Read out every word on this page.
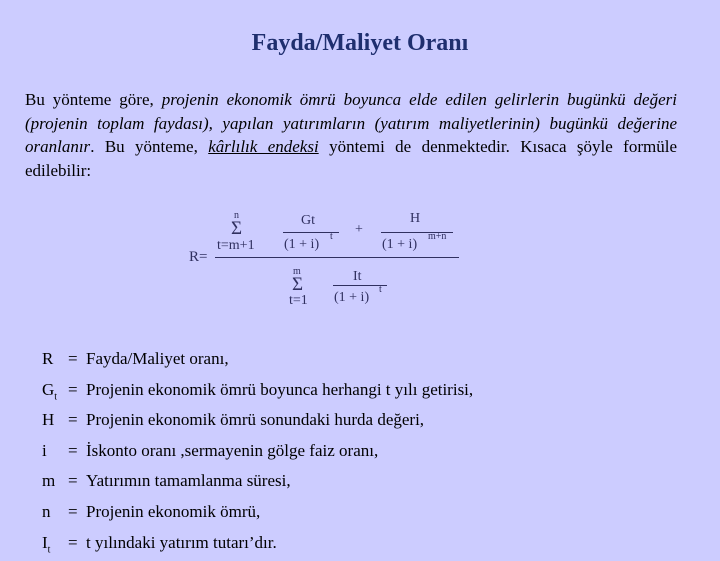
Fayda/Maliyet Oranı
Bu yönteme göre, projenin ekonomik ömrü boyunca elde edilen gelirlerin bugünkü değeri (projenin toplam faydası), yapılan yatırımların (yatırım maliyetlerinin) bugünkü değerine oranlanır. Bu yönteme, kârlılık endeksi yöntemi de denmektedir. Kısaca şöyle formüle edilebilir:
R=
n
Σ
t=m+1
Gt
(1 + i)
t +
H
(1 + i)
m+n
m
Σ
t=1
It
(1 + i)
t
R = Fayda/Maliyet oranı,
$G_t$ = Projenin ekonomik ömrü boyunca herhangi t yılı getirisi,
H = Projenin ekonomik ömrü sonundaki hurda değeri,
i	= İskonto oranı ,sermayenin gölge faiz oranı,
m = Yatırımın tamamlanma süresi,
n	= Projenin ekonomik ömrü,
$I_t$	= t yılındaki yatırım tutarı’dır.
